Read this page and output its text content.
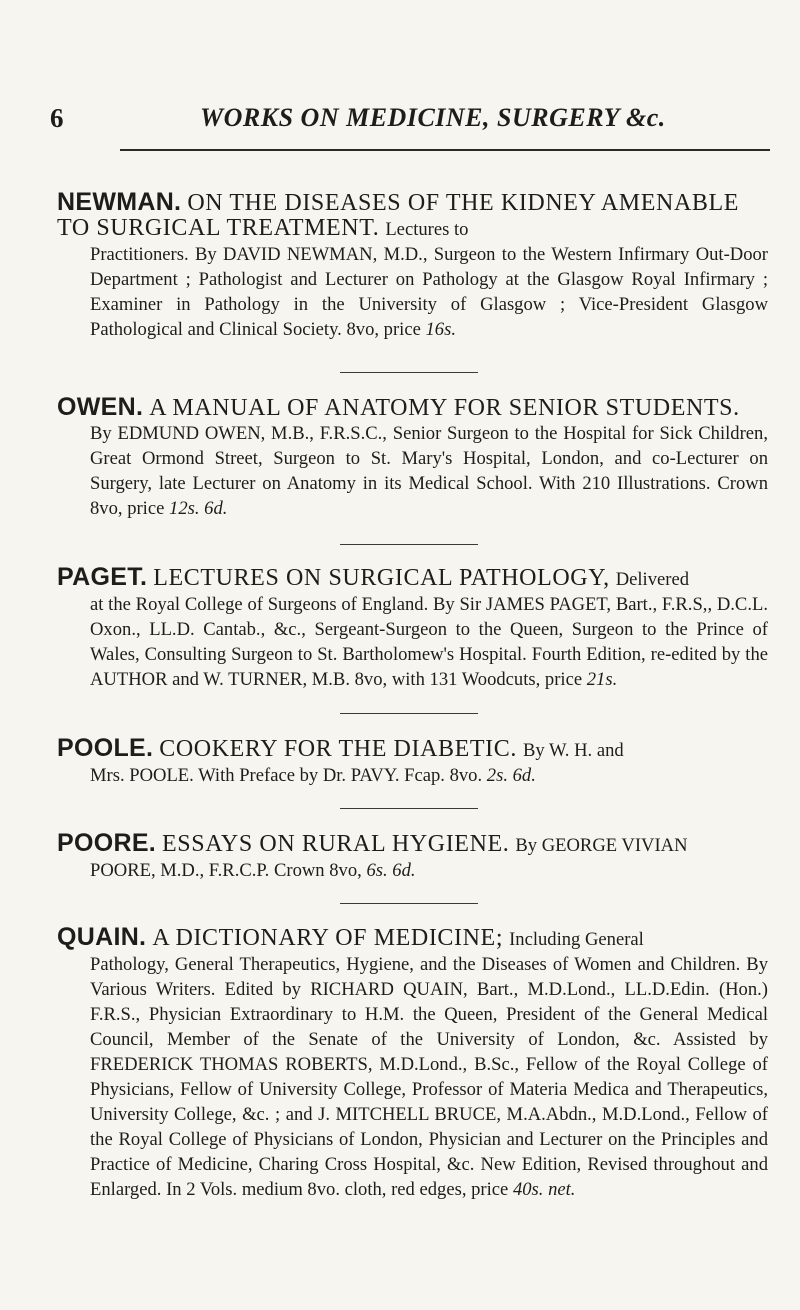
6	WORKS ON MEDICINE, SURGERY &c.

NEWMAN. ON THE DISEASES OF THE KIDNEY AMENABLE TO SURGICAL TREATMENT. Lectures to
Practitioners. By DAVID NEWMAN, M.D., Surgeon to the Western Infirmary Out-Door Department ; Pathologist and Lecturer on Pathology at the Glasgow Royal Infirmary ; Examiner in Pathology in the University of Glasgow ; Vice-President Glasgow Pathological and Clinical Society. 8vo, price 16s.

OWEN. A MANUAL OF ANATOMY FOR SENIOR STUDENTS.
By EDMUND OWEN, M.B., F.R.S.C., Senior Surgeon to the Hospital for Sick Children, Great Ormond Street, Surgeon to St. Mary's Hospital, London, and co-Lecturer on Surgery, late Lecturer on Anatomy in its Medical School. With 210 Illustrations. Crown 8vo, price 12s. 6d.

PAGET. LECTURES ON SURGICAL PATHOLOGY, Delivered
at the Royal College of Surgeons of England. By Sir JAMES PAGET, Bart., F.R.S,, D.C.L. Oxon., LL.D. Cantab., &c., Sergeant-Surgeon to the Queen, Surgeon to the Prince of Wales, Consulting Surgeon to St. Bartholomew's Hospital. Fourth Edition, re-edited by the AUTHOR and W. TURNER, M.B. 8vo, with 131 Woodcuts, price 21s.

POOLE. COOKERY FOR THE DIABETIC. By W. H. and
Mrs. POOLE. With Preface by Dr. PAVY. Fcap. 8vo. 2s. 6d.

POORE. ESSAYS ON RURAL HYGIENE. By GEORGE VIVIAN
POORE, M.D., F.R.C.P. Crown 8vo, 6s. 6d.

QUAIN. A DICTIONARY OF MEDICINE; Including General
Pathology, General Therapeutics, Hygiene, and the Diseases of Women and Children. By Various Writers. Edited by RICHARD QUAIN, Bart., M.D.Lond., LL.D.Edin. (Hon.) F.R.S., Physician Extraordinary to H.M. the Queen, President of the General Medical Council, Member of the Senate of the University of London, &c. Assisted by FREDERICK THOMAS ROBERTS, M.D.Lond., B.Sc., Fellow of the Royal College of Physicians, Fellow of University College, Professor of Materia Medica and Therapeutics, University College, &c. ; and J. MITCHELL BRUCE, M.A.Abdn., M.D.Lond., Fellow of the Royal College of Physicians of London, Physician and Lecturer on the Principles and Practice of Medicine, Charing Cross Hospital, &c. New Edition, Revised throughout and Enlarged. In 2 Vols. medium 8vo. cloth, red edges, price 40s. net.
